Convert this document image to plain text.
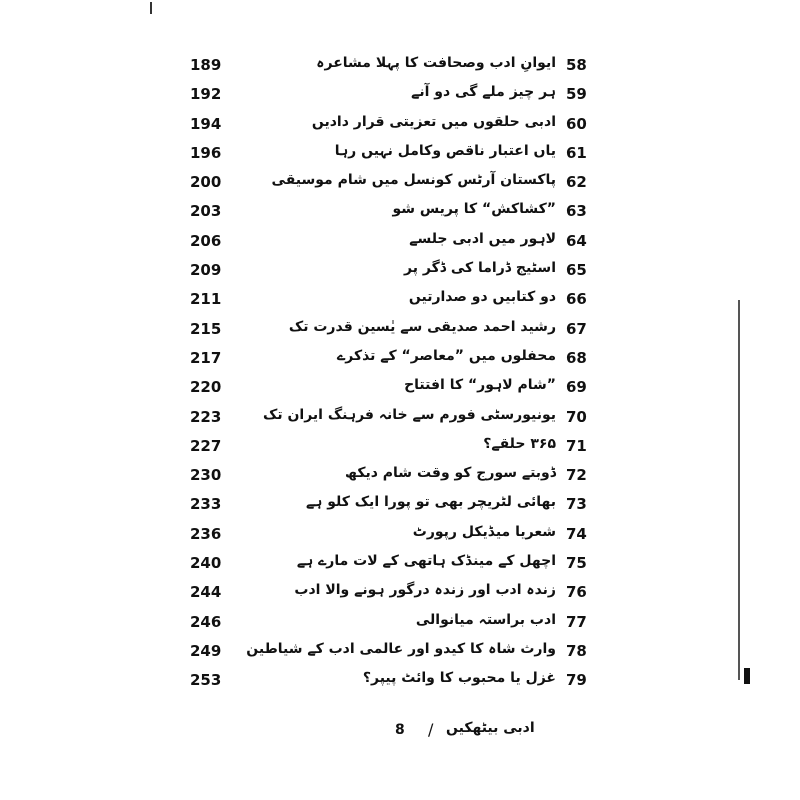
189	ایوانِ ادب وصحافت کا پہلا مشاعرہ 58
192	ہر چیز ملے گی دو آنے 59
194	ادبی حلقوں میں تعزیتی قرار دادیں 60
196	یاں اعتبار ناقص وکامل نہیں رہا 61
200	پاکستان آرٹس کونسل میں شام موسیقی 62
203	”کشاکش“ کا پریس شو 63
206	لاہور میں ادبی جلسے 64
209	اسٹیج ڈراما کی ڈگر پر 65
211	دو کتابیں دو صدارتیں 66
215	رشید احمد صدیقی سے یٰسین قدرت تک 67
217	محفلوں میں ”معاصر“ کے تذکرے 68
220	”شام لاہور“ کا افتتاح 69
223	یونیورسٹی فورم سے خانہ فرہنگ ایران تک 70
227	۳۶۵ حلقے؟ 71
230	ڈوبتے سورج کو وقت شام دیکھ 72
233	بھائی لٹریچر بھی تو پورا ایک کلو ہے 73
236	شعریا میڈیکل رپورٹ 74
240	اچھل کے مینڈک ہاتھی کے لات مارے ہے 75
244	زندہ ادب اور زندہ درگور ہونے والا ادب 76
246	ادب براستہ میانوالی 77
249 وارث شاہ کا کیدو اور عالمی ادب کے شیاطین 78
253	غزل یا محبوب کا وائٹ پیپر؟ 79
8 / ادبی بیٹھکیں
